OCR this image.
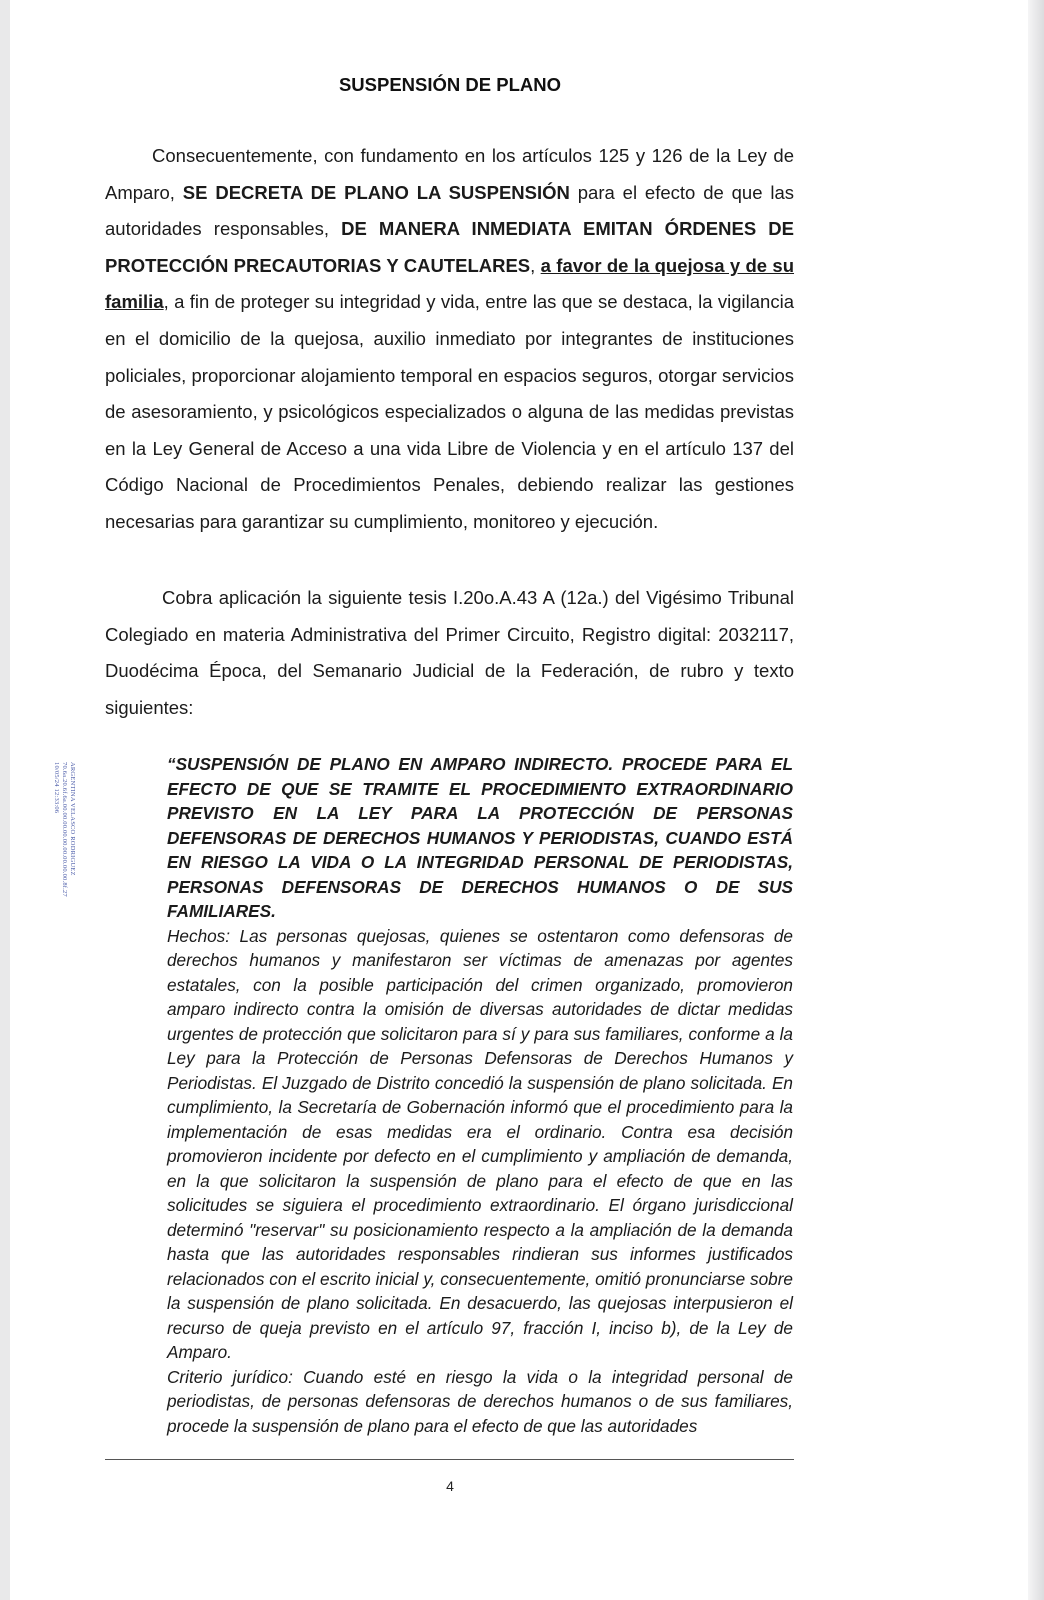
ARGENTINA VELASCO RODRIGUEZ
70.6a.20.6f.6a.00.00.00.00.00.00.00.00.00.8f.27
10/05/24 12:33:06
SUSPENSIÓN DE PLANO
Consecuentemente, con fundamento en los artículos 125 y 126 de la Ley de Amparo, SE DECRETA DE PLANO LA SUSPENSIÓN para el efecto de que las autoridades responsables, DE MANERA INMEDIATA EMITAN ÓRDENES DE PROTECCIÓN PRECAUTORIAS Y CAUTELARES, a favor de la quejosa y de su familia, a fin de proteger su integridad y vida, entre las que se destaca, la vigilancia en el domicilio de la quejosa, auxilio inmediato por integrantes de instituciones policiales, proporcionar alojamiento temporal en espacios seguros, otorgar servicios de asesoramiento, y psicológicos especializados o alguna de las medidas previstas en la Ley General de Acceso a una vida Libre de Violencia y en el artículo 137 del Código Nacional de Procedimientos Penales, debiendo realizar las gestiones necesarias para garantizar su cumplimiento, monitoreo y ejecución.
Cobra aplicación la siguiente tesis I.20o.A.43 A (12a.) del Vigésimo Tribunal Colegiado en materia Administrativa del Primer Circuito, Registro digital: 2032117, Duodécima Época, del Semanario Judicial de la Federación, de rubro y texto siguientes:
“SUSPENSIÓN DE PLANO EN AMPARO INDIRECTO. PROCEDE PARA EL EFECTO DE QUE SE TRAMITE EL PROCEDIMIENTO EXTRAORDINARIO PREVISTO EN LA LEY PARA LA PROTECCIÓN DE PERSONAS DEFENSORAS DE DERECHOS HUMANOS Y PERIODISTAS, CUANDO ESTÁ EN RIESGO LA VIDA O LA INTEGRIDAD PERSONAL DE PERIODISTAS, PERSONAS DEFENSORAS DE DERECHOS HUMANOS O DE SUS FAMILIARES.
Hechos: Las personas quejosas, quienes se ostentaron como defensoras de derechos humanos y manifestaron ser víctimas de amenazas por agentes estatales, con la posible participación del crimen organizado, promovieron amparo indirecto contra la omisión de diversas autoridades de dictar medidas urgentes de protección que solicitaron para sí y para sus familiares, conforme a la Ley para la Protección de Personas Defensoras de Derechos Humanos y Periodistas. El Juzgado de Distrito concedió la suspensión de plano solicitada. En cumplimiento, la Secretaría de Gobernación informó que el procedimiento para la implementación de esas medidas era el ordinario. Contra esa decisión promovieron incidente por defecto en el cumplimiento y ampliación de demanda, en la que solicitaron la suspensión de plano para el efecto de que en las solicitudes se siguiera el procedimiento extraordinario. El órgano jurisdiccional determinó "reservar" su posicionamiento respecto a la ampliación de la demanda hasta que las autoridades responsables rindieran sus informes justificados relacionados con el escrito inicial y, consecuentemente, omitió pronunciarse sobre la suspensión de plano solicitada. En desacuerdo, las quejosas interpusieron el recurso de queja previsto en el artículo 97, fracción I, inciso b), de la Ley de Amparo.
Criterio jurídico: Cuando esté en riesgo la vida o la integridad personal de periodistas, de personas defensoras de derechos humanos o de sus familiares, procede la suspensión de plano para el efecto de que las autoridades
4
